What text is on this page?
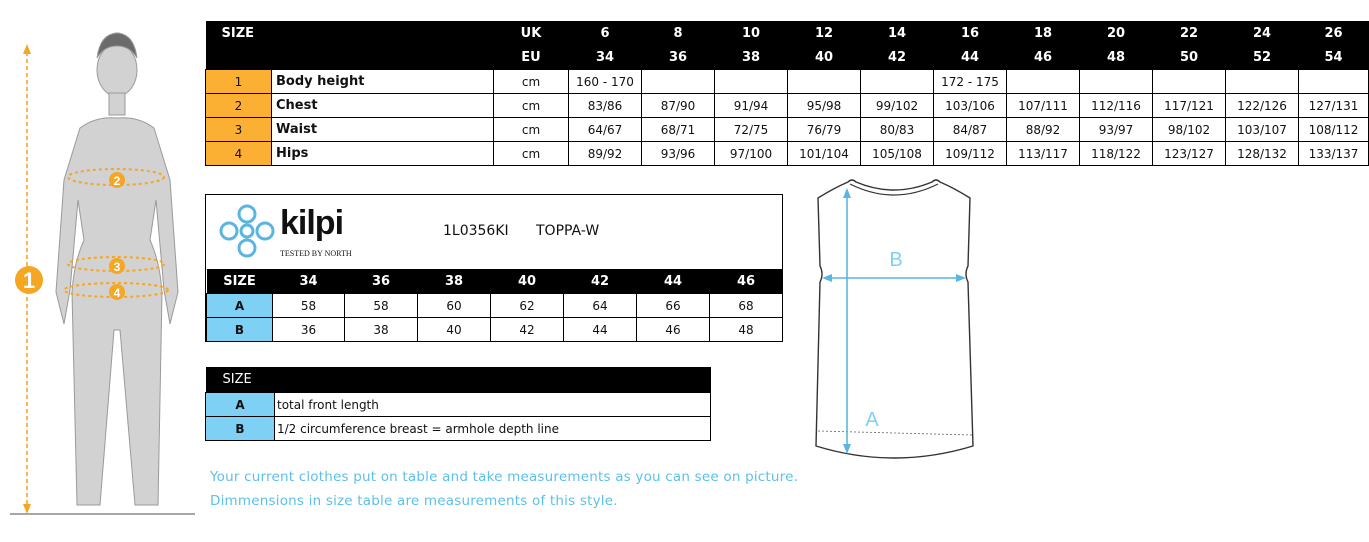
1
2
3
4
SIZE		UK	6	8	10	12	14	16	18	20	22	24	26
		EU	34	36	38	40	42	44	46	48	50	52	54
1	Body height	cm	160 - 170					172 - 175					
2	Chest	cm	83/86	87/90	91/94	95/98	99/102	103/106	107/111	112/116	117/121	122/126	127/131
3	Waist	cm	64/67	68/71	72/75	76/79	80/83	84/87	88/92	93/97	98/102	103/107	108/112
4	Hips	cm	89/92	93/96	97/100	101/104	105/108	109/112	113/117	118/122	123/127	128/132	133/137
kilpi
TESTED BY NORTH
1L0356KI TOPPA-W
SIZE	34	36	38	40	42	44	46
A	58	58	60	62	64	66	68
B	36	38	40	42	44	46	48
SIZE	
A	total front length
B	1/2 circumference breast = armhole depth line
B
A
Your current clothes put on table and take measurements as you can see on picture.
Dimmensions in size table are measurements of this style.
